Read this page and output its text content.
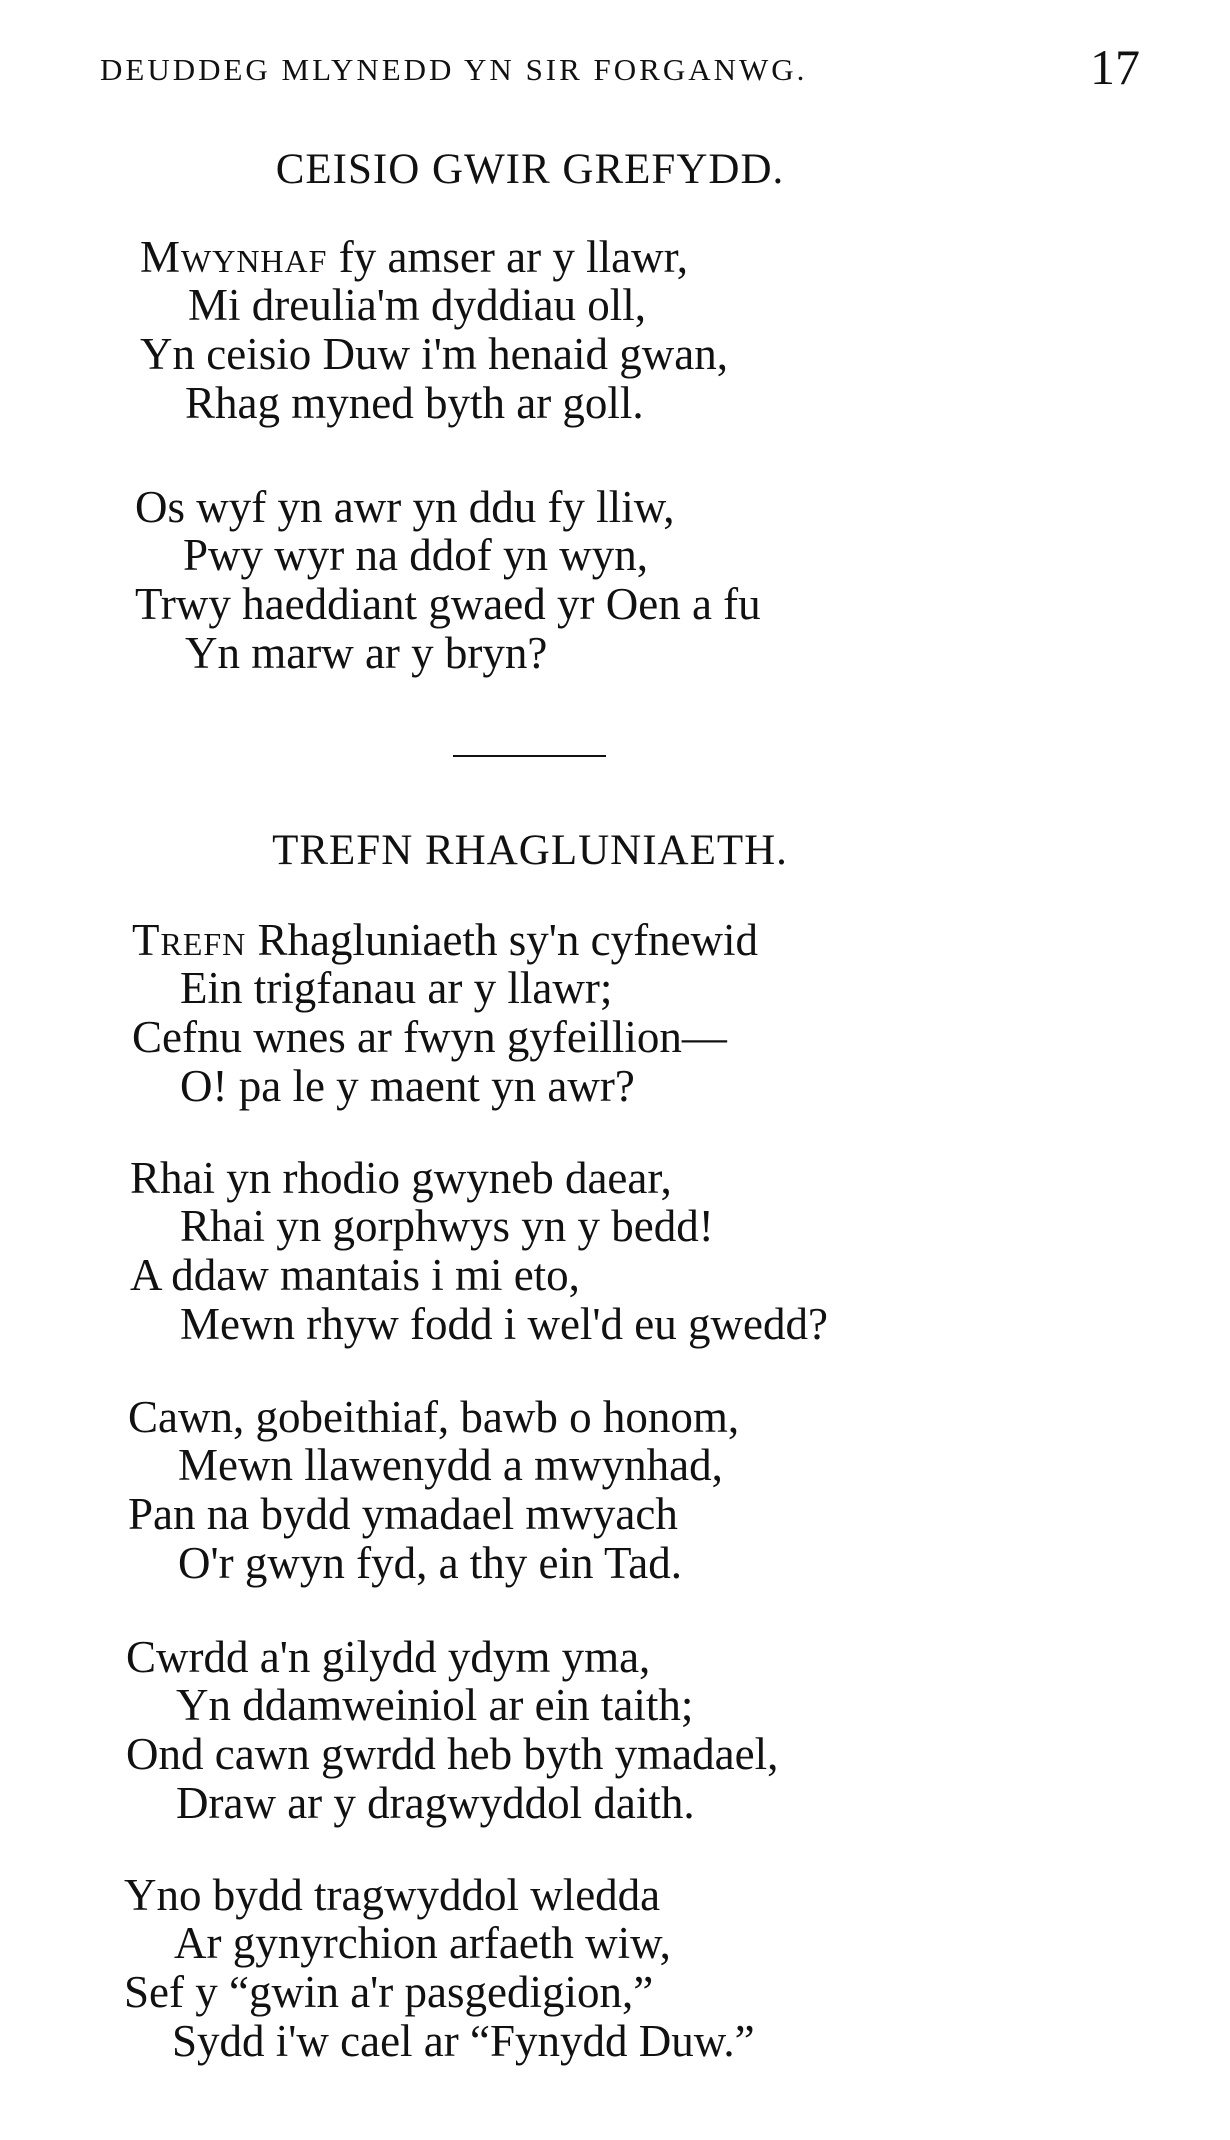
DEUDDEG MLYNEDD YN SIR FORGANWG.	17
CEISIO GWIR GREFYDD.
Mwynhaf fy amser ar y llawr,
Mi dreulia'm dyddiau oll,
Yn ceisio Duw i'm henaid gwan,
Rhag myned byth ar goll.
Os wyf yn awr yn ddu fy lliw,
Pwy wyr na ddof yn wyn,
Trwy haeddiant gwaed yr Oen a fu
Yn marw ar y bryn?
TREFN RHAGLUNIAETH.
Trefn Rhagluniaeth sy'n cyfnewid
Ein trigfanau ar y llawr;
Cefnu wnes ar fwyn gyfeillion—
O! pa le y maent yn awr?
Rhai yn rhodio gwyneb daear,
Rhai yn gorphwys yn y bedd!
A ddaw mantais i mi eto,
Mewn rhyw fodd i wel'd eu gwedd?
Cawn, gobeithiaf, bawb o honom,
Mewn llawenydd a mwynhad,
Pan na bydd ymadael mwyach
O'r gwyn fyd, a thy ein Tad.
Cwrdd a'n gilydd ydym yma,
Yn ddamweiniol ar ein taith;
Ond cawn gwrdd heb byth ymadael,
Draw ar y dragwyddol daith.
Yno bydd tragwyddol wledda
Ar gynyrchion arfaeth wiw,
Sef y “gwin a'r pasgedigion,”
Sydd i'w cael ar “Fynydd Duw.”
